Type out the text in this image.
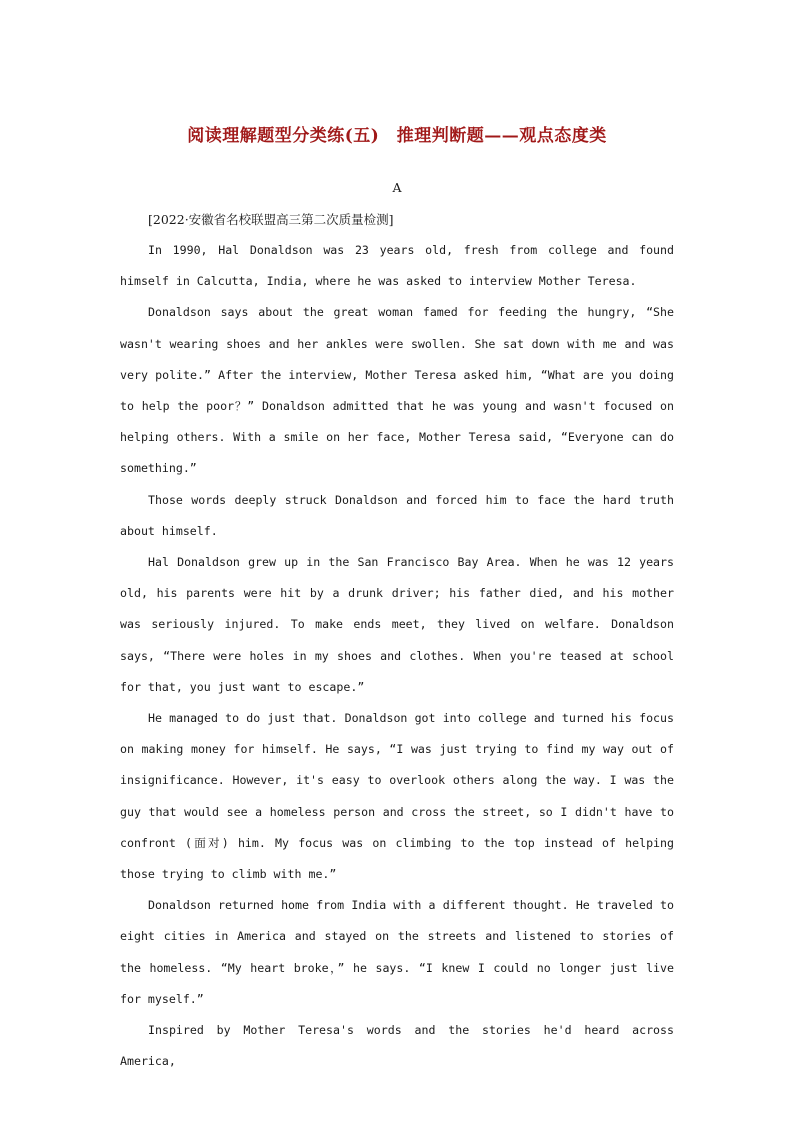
阅读理解题型分类练(五)　推理判断题——观点态度类
A
[2022·安徽省名校联盟高三第二次质量检测]

In 1990, Hal Donaldson was 23 years old, fresh from college and found himself in Calcutta, India, where he was asked to interview Mother Teresa.

Donaldson says about the great woman famed for feeding the hungry, “She wasn't wearing shoes and her ankles were swollen. She sat down with me and was very polite.” After the interview, Mother Teresa asked him, “What are you doing to help the poor？” Donaldson admitted that he was young and wasn't focused on helping others. With a smile on her face, Mother Teresa said, “Everyone can do something.”

Those words deeply struck Donaldson and forced him to face the hard truth about himself.

Hal Donaldson grew up in the San Francisco Bay Area. When he was 12 years old, his parents were hit by a drunk driver; his father died, and his mother was seriously injured. To make ends meet, they lived on welfare. Donaldson says, “There were holes in my shoes and clothes. When you're teased at school for that, you just want to escape.”

He managed to do just that. Donaldson got into college and turned his focus on making money for himself. He says, “I was just trying to find my way out of insignificance. However, it's easy to overlook others along the way. I was the guy that would see a homeless person and cross the street, so I didn't have to confront (面对) him. My focus was on climbing to the top instead of helping those trying to climb with me.”

Donaldson returned home from India with a different thought. He traveled to eight cities in America and stayed on the streets and listened to stories of the homeless. “My heart broke，” he says. “I knew I could no longer just live for myself.”

Inspired by Mother Teresa's words and the stories he'd heard across America,
